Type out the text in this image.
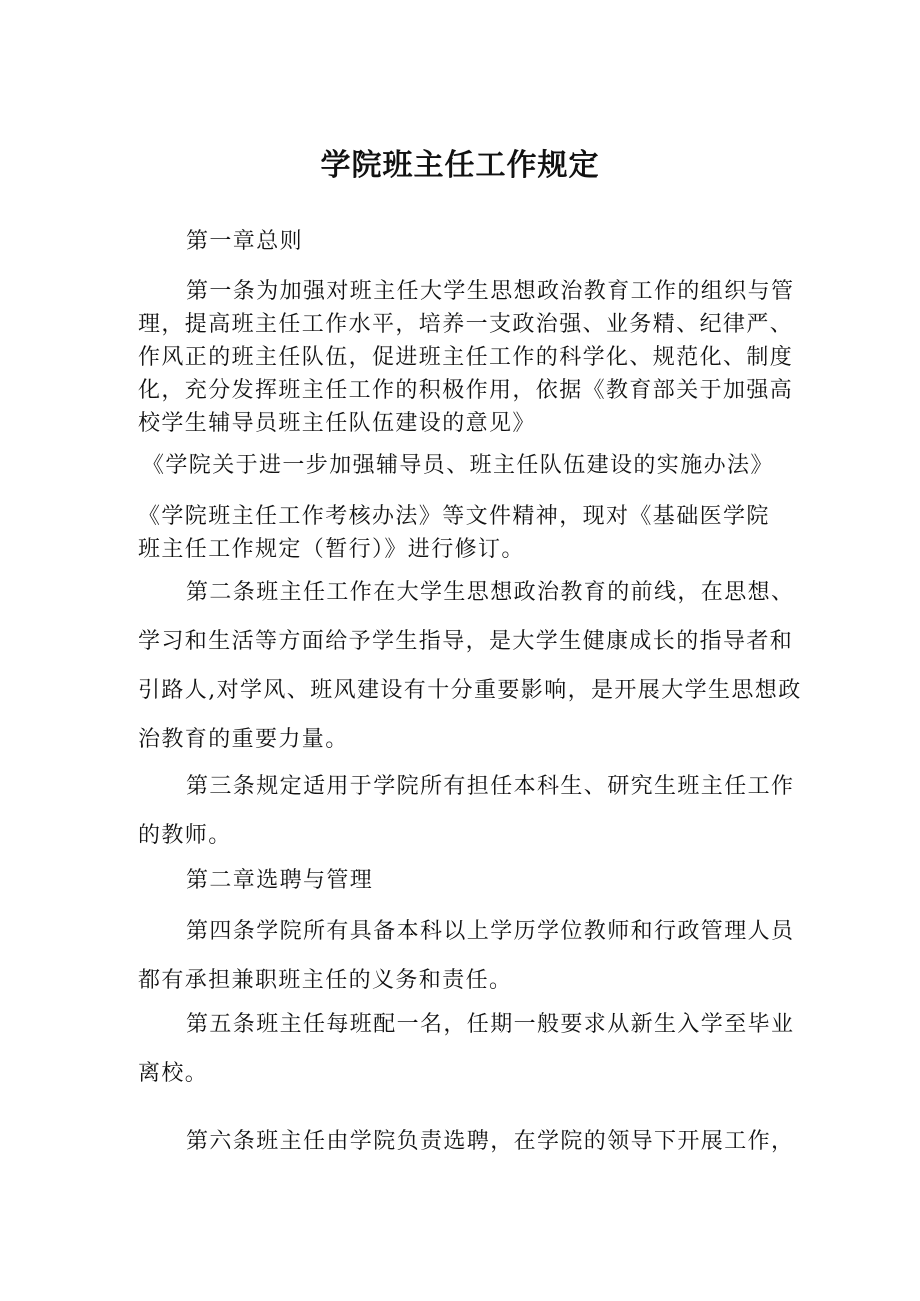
学院班主任工作规定

第一章总则

第一条为加强对班主任大学生思想政治教育工作的组织与管
理，提高班主任工作水平，培养一支政治强、业务精、纪律严、
作风正的班主任队伍，促进班主任工作的科学化、规范化、制度
化，充分发挥班主任工作的积极作用，依据《教育部关于加强高
校学生辅导员班主任队伍建设的意见》

《学院关于进一步加强辅导员、班主任队伍建设的实施办法》

《学院班主任工作考核办法》等文件精神，现对《基础医学院
班主任工作规定（暂行）》进行修订。

第二条班主任工作在大学生思想政治教育的前线，在思想、
学习和生活等方面给予学生指导，是大学生健康成长的指导者和
引路人,对学风、班风建设有十分重要影响，是开展大学生思想政
治教育的重要力量。

第三条规定适用于学院所有担任本科生、研究生班主任工作
的教师。

第二章选聘与管理

第四条学院所有具备本科以上学历学位教师和行政管理人员
都有承担兼职班主任的义务和责任。

第五条班主任每班配一名，任期一般要求从新生入学至毕业
离校。

第六条班主任由学院负责选聘，在学院的领导下开展工作，
